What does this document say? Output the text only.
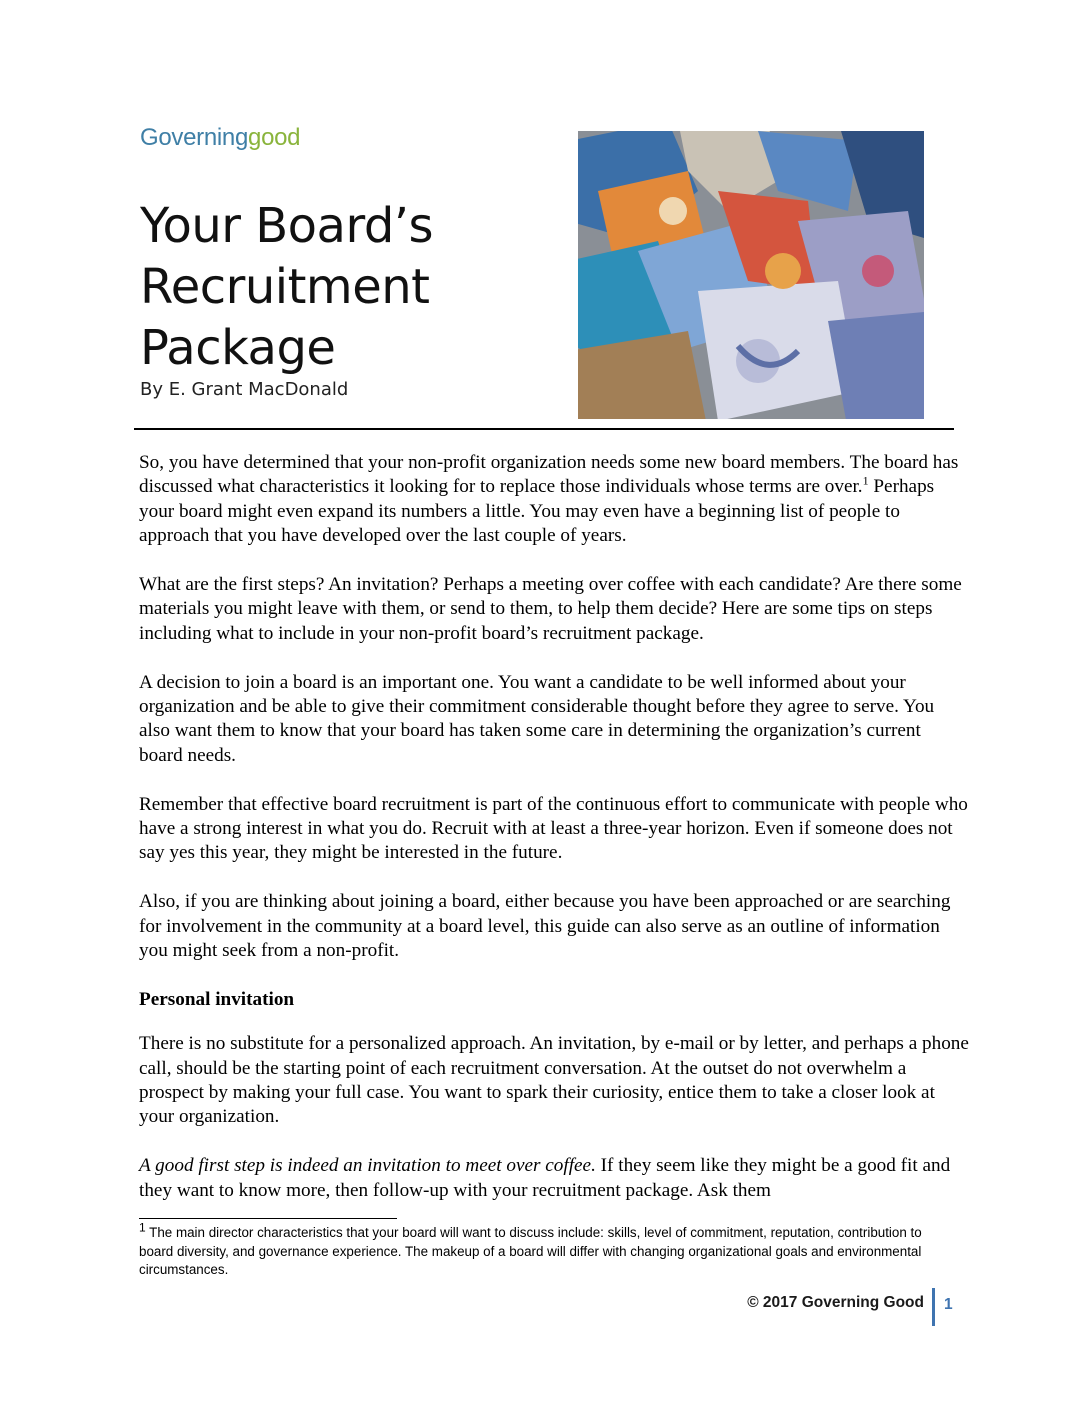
Governinggood
Your Board’s
Recruitment
Package
By E. Grant MacDonald

So, you have determined that your non-profit organization needs some new board members. The board has discussed what characteristics it looking for to replace those individuals whose terms are over.$^1$ Perhaps your board might even expand its numbers a little. You may even have a beginning list of people to approach that you have developed over the last couple of years.

What are the first steps? An invitation? Perhaps a meeting over coffee with each candidate? Are there some materials you might leave with them, or send to them, to help them decide? Here are some tips on steps including what to include in your non-profit board’s recruitment package.

A decision to join a board is an important one. You want a candidate to be well informed about your organization and be able to give their commitment considerable thought before they agree to serve. You also want them to know that your board has taken some care in determining the organization’s current board needs.

Remember that effective board recruitment is part of the continuous effort to communicate with people who have a strong interest in what you do. Recruit with at least a three-year horizon. Even if someone does not say yes this year, they might be interested in the future.

Also, if you are thinking about joining a board, either because you have been approached or are searching for involvement in the community at a board level, this guide can also serve as an outline of information you might seek from a non-profit.

Personal invitation

There is no substitute for a personalized approach. An invitation, by e-mail or by letter, and perhaps a phone call, should be the starting point of each recruitment conversation. At the outset do not overwhelm a prospect by making your full case. You want to spark their curiosity, entice them to take a closer look at your organization.

A good first step is indeed an invitation to meet over coffee. If they seem like they might be a good fit and they want to know more, then follow-up with your recruitment package. Ask them

$^1$ The main director characteristics that your board will want to discuss include: skills, level of commitment, reputation, contribution to board diversity, and governance experience. The makeup of a board will differ with changing organizational goals and environmental circumstances.
© 2017 Governing Good 1
